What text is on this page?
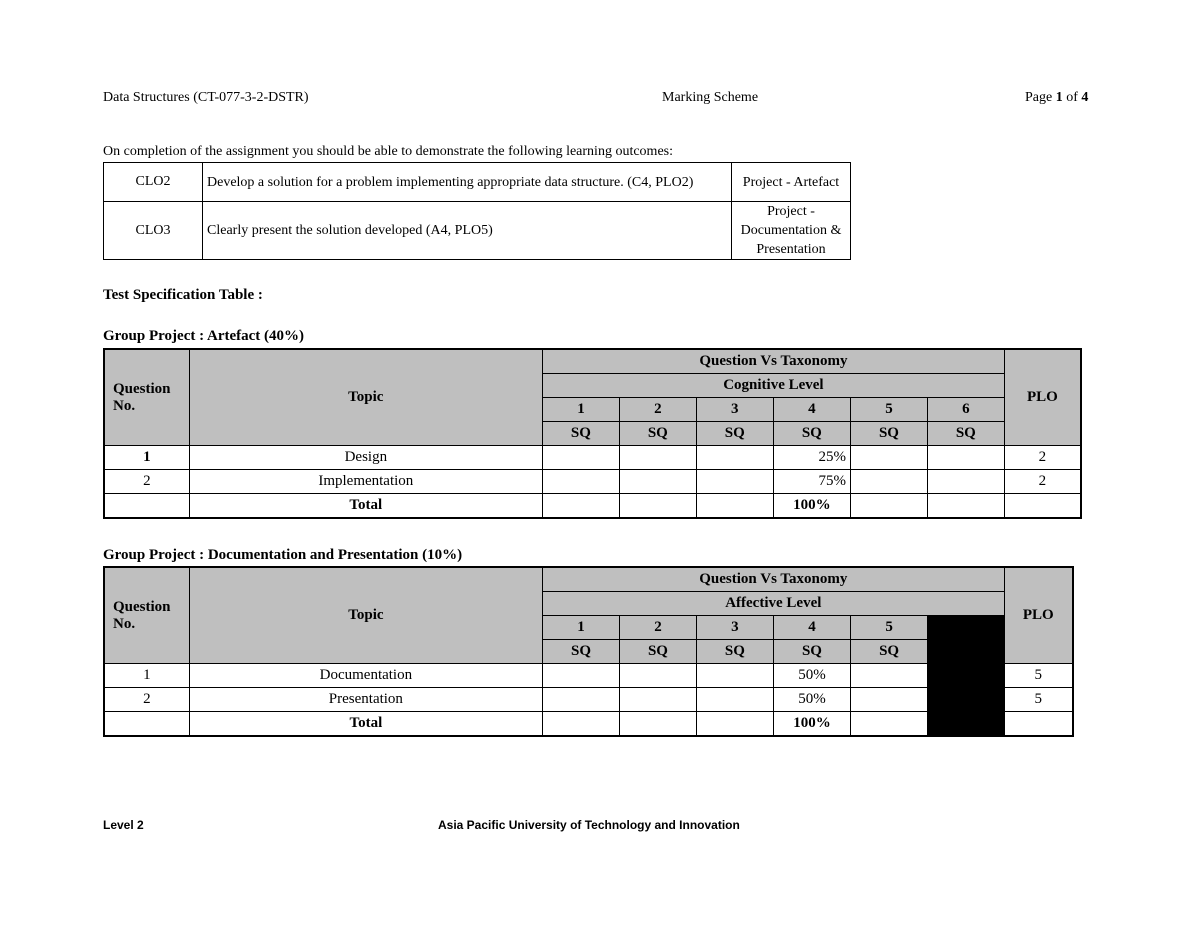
Data Structures (CT-077-3-2-DSTR)	Marking Scheme	Page 1 of 4
On completion of the assignment you should be able to demonstrate the following learning outcomes:
CLO2	Develop a solution for a problem implementing appropriate data structure. (C4, PLO2)	Project - Artefact
CLO3	Clearly present the solution developed (A4, PLO5)	Project - Documentation & Presentation
Test Specification Table :
Group Project : Artefact (40%)
Question No.	Topic	Question Vs Taxonomy						PLO
		Cognitive Level						
		1	2	3	4	5	6	
		SQ	SQ	SQ	SQ	SQ	SQ	
1	Design				25%			2
2	Implementation				75%			2
	Total				100%			
Group Project : Documentation and Presentation (10%)
Question No.	Topic	Question Vs Taxonomy						PLO
		Affective Level						
		1	2	3	4	5		
		SQ	SQ	SQ	SQ	SQ		
1	Documentation				50%			5
2	Presentation				50%			5
	Total				100%			
Level 2	Asia Pacific University of Technology and Innovation
